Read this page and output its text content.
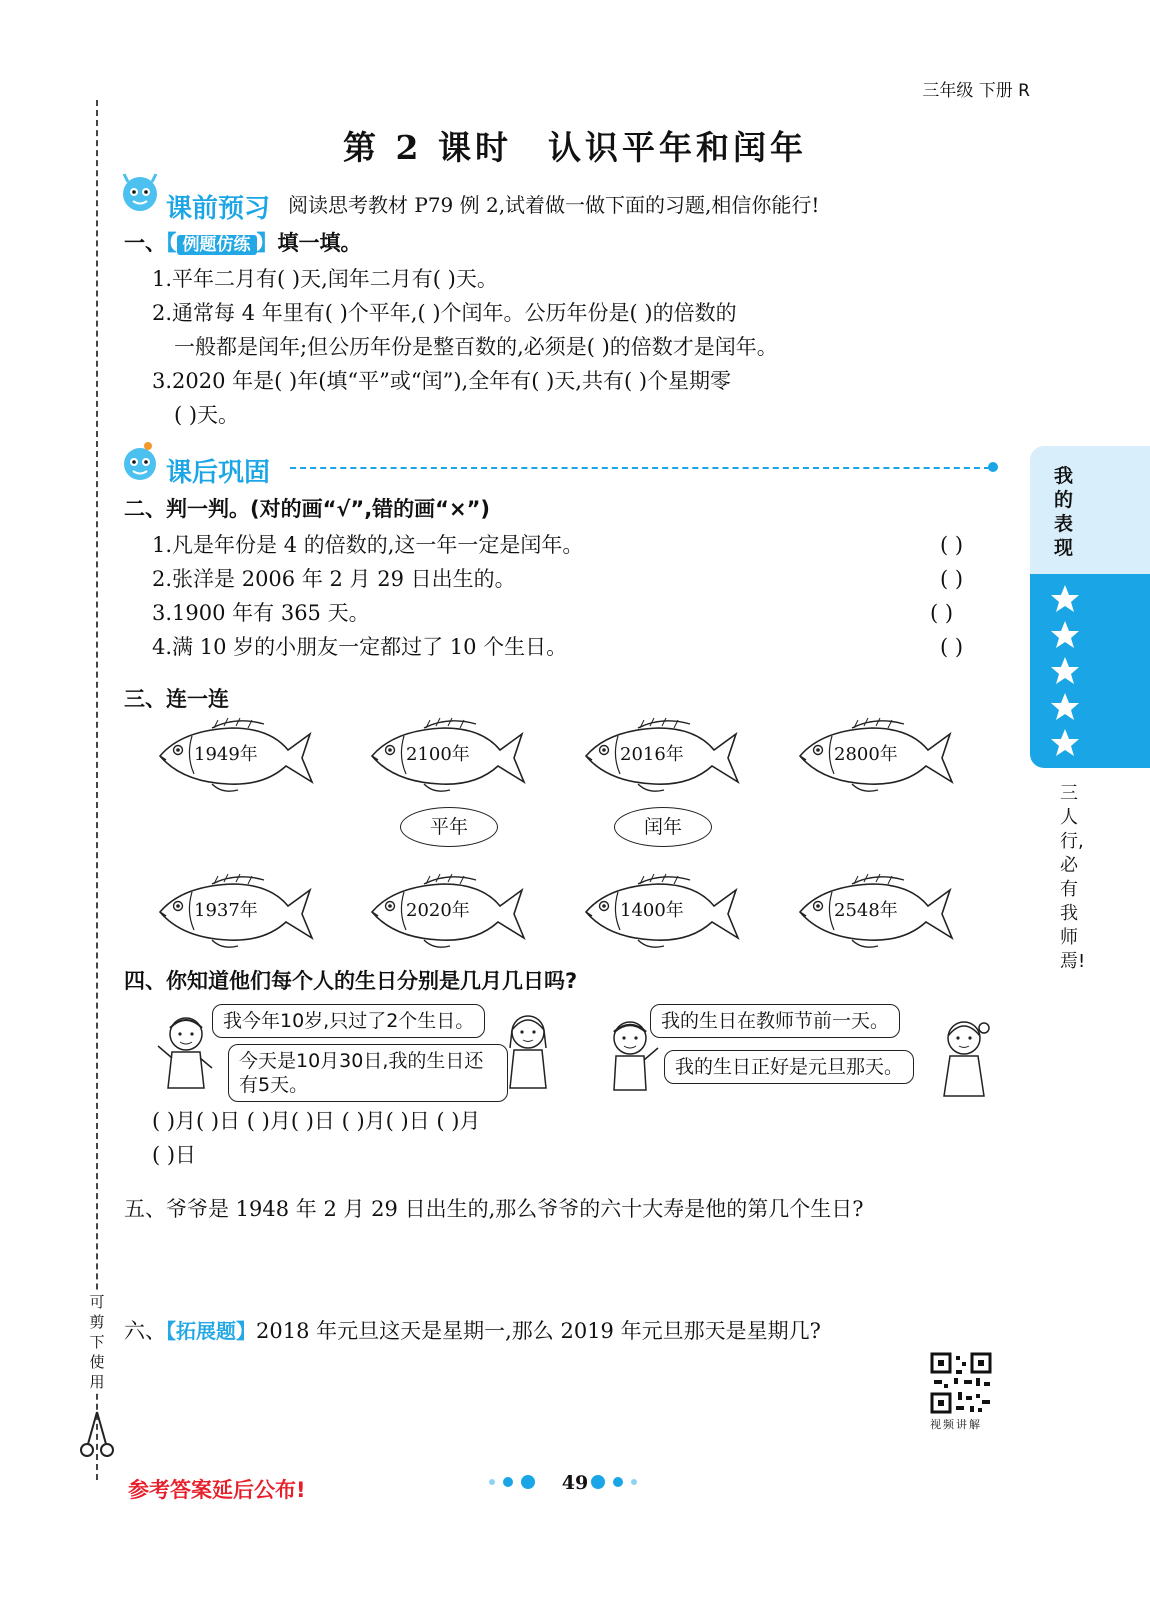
三年级 下册 R
第 2 课时 认识平年和闰年
可剪下使用
课前预习 阅读思考教材 P79 例 2,试着做一做下面的习题,相信你能行!
一、【 例题仿练 】填一填。
1.平年二月有( )天,闰年二月有( )天。
2.通常每 4 年里有( )个平年,( )个闰年。公历年份是( )的倍数的
一般都是闰年;但公历年份是整百数的,必须是( )的倍数才是闰年。
3.2020 年是( )年(填“平”或“闰”),全年有( )天,共有( )个星期零
( )天。
课后巩固
二、判一判。(对的画“√”,错的画“×”)
1.凡是年份是 4 的倍数的,这一年一定是闰年。	( )
2.张洋是 2006 年 2 月 29 日出生的。	( )
3.1900 年有 365 天。	( )
4.满 10 岁的小朋友一定都过了 10 个生日。	( )
三、连一连
1949年	2100年	2016年	2800年
1937年	2020年	1400年	2548年
平年	闰年
四、你知道他们每个人的生日分别是几月几日吗?
我今年10岁,只过了2个生日。
今天是10月30日,我的生日还有5天。
我的生日在教师节前一天。
我的生日正好是元旦那天。
( )月( )日 ( )月( )日 ( )月( )日 ( )月
( )日
五、爷爷是 1948 年 2 月 29 日出生的,那么爷爷的六十大寿是他的第几个生日?
六、【拓展题】2018 年元旦这天是星期一,那么 2019 年元旦那天是星期几?
视频讲解
我
的
表
现
三人行,必有我师焉!
参考答案延后公布!	49
